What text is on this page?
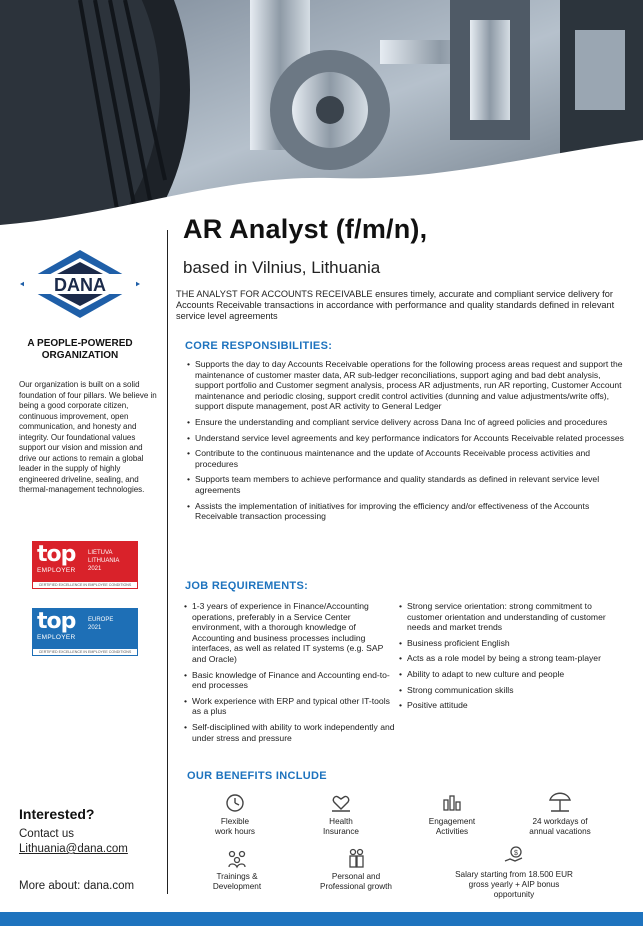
DANA
A PEOPLE-POWERED ORGANIZATION
Our organization is built on a solid foundation of four pillars. We believe in being a good corporate citizen, continuous improvement, open communication, and honesty and integrity. Our foundational values support our vision and mission and drive our actions to remain a global leader in the supply of highly engineered driveline, sealing, and thermal-management technologies.
top
EMPLOYER
LIETUVA
LITHUANIA
2021
CERTIFIED EXCELLENCE IN EMPLOYEE CONDITIONS
top
EMPLOYER
EUROPE
2021
CERTIFIED EXCELLENCE IN EMPLOYEE CONDITIONS
Interested?
Contact us
Lithuania@dana.com
More about: dana.com
AR Analyst (f/m/n),
based in Vilnius, Lithuania
THE ANALYST FOR ACCOUNTS RECEIVABLE ensures timely, accurate and compliant service delivery for Accounts Receivable transactions in accordance with performance and quality standards defined in relevant service level agreements
CORE RESPONSIBILITIES:
• Supports the day to day Accounts Receivable operations for the following process areas request and support the maintenance of customer master data, AR sub-ledger reconciliations, support aging and bad debt analysis, support portfolio and Customer segment analysis, process AR adjustments, run AR reporting, Customer Account maintenance and periodic closing, support credit control activities (dunning and value adjustments/write offs), support dispute management, post AR activity to General Ledger
• Ensure the understanding and compliant service delivery across Dana Inc of agreed policies and procedures
• Understand service level agreements and key performance indicators for Accounts Receivable related processes
• Contribute to the continuous maintenance and the update of Accounts Receivable process activities and procedures
• Supports team members to achieve performance and quality standards as defined in relevant service level agreements
• Assists the implementation of initiatives for improving the efficiency and/or effectiveness of the Accounts Receivable transaction processing
JOB REQUIREMENTS:
• 1-3 years of experience in Finance/Accounting operations, preferably in a Service Center environment, with a thorough knowledge of Accounting and business processes including interfaces, as well as related IT systems (e.g. SAP and Oracle)
• Basic knowledge of Finance and Accounting end-to-end processes
• Work experience with ERP and typical other IT-tools as a plus
• Self-disciplined with ability to work independently and under stress and pressure
• Strong service orientation: strong commitment to customer orientation and understanding of customer needs and market trends
• Business proficient English
• Acts as a role model by being a strong team-player
• Ability to adapt to new culture and people
• Strong communication skills
• Positive attitude
OUR BENEFITS INCLUDE
Flexible
work hours
Health
Insurance
Engagement
Activities
24 workdays of
annual vacations
Trainings &
Development
Personal and
Professional growth
$
Salary starting from 18.500 EUR
gross yearly + AIP bonus
opportunity
